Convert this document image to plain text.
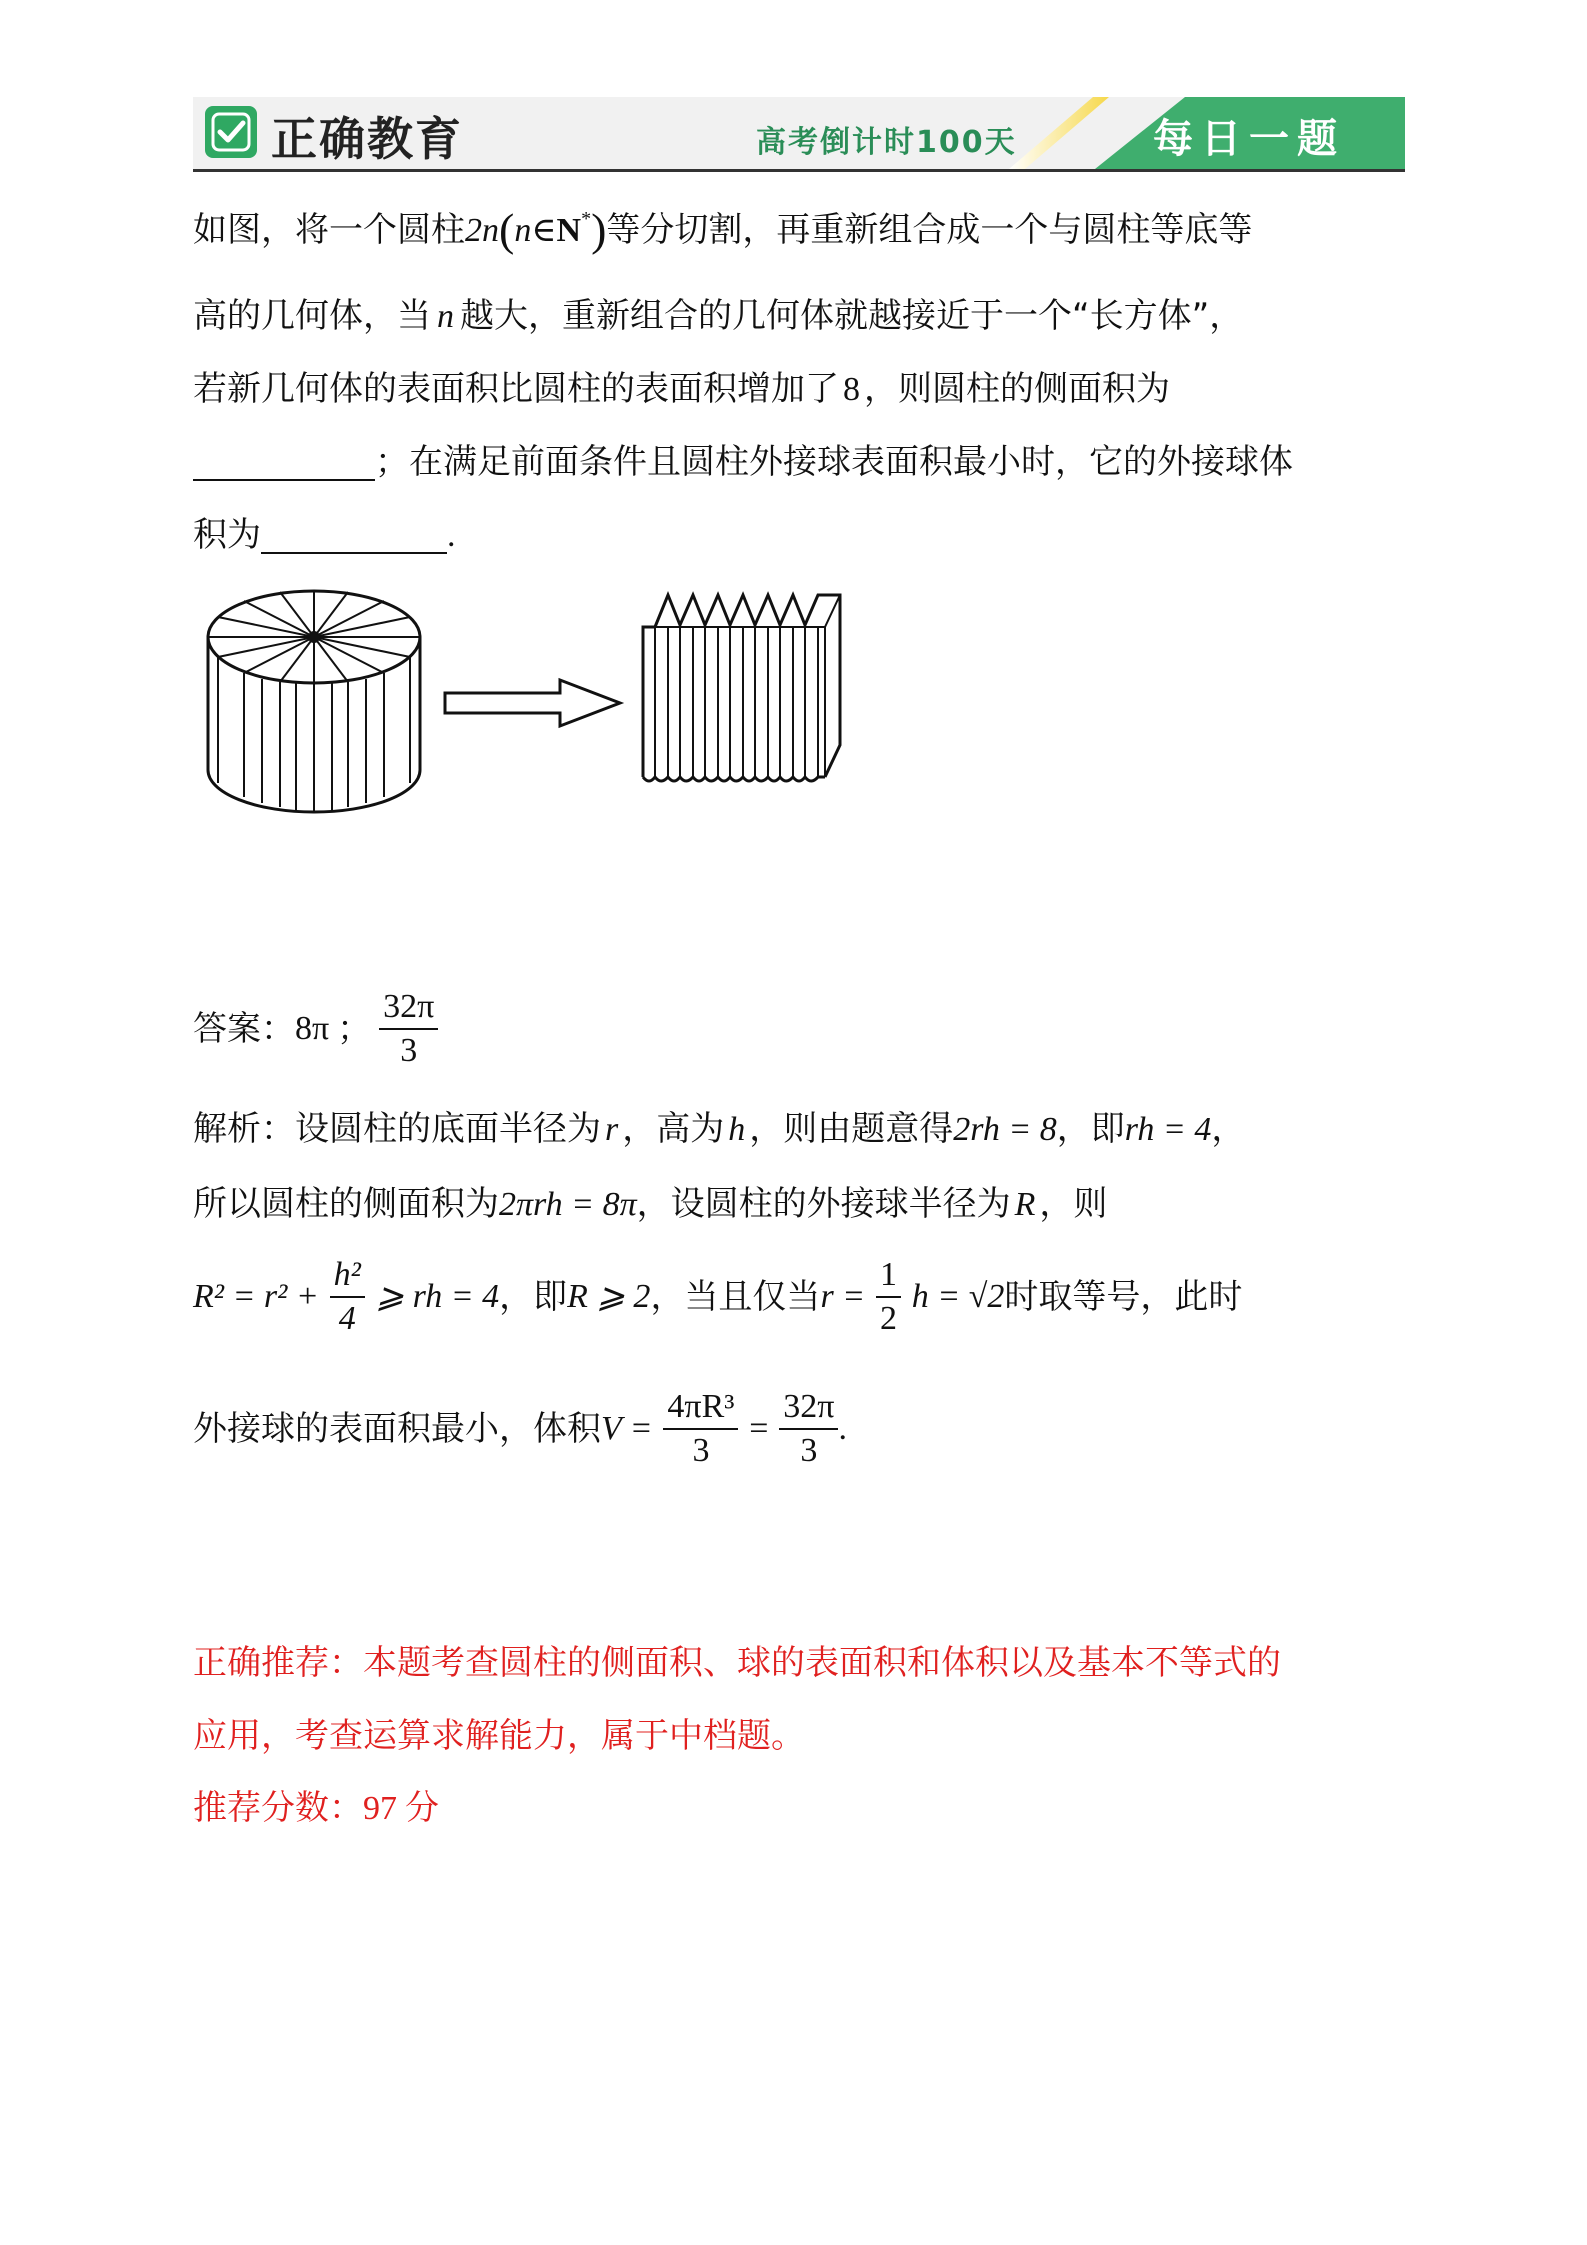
正确教育	高考倒计时100天	每日一题
如图，将一个圆柱2n(n∈N*)等分切割，再重新组合成一个与圆柱等底等
高的几何体，当 n 越大，重新组合的几何体就越接近于一个“长方体”，
若新几何体的表面积比圆柱的表面积增加了 8 ，则圆柱的侧面积为
；在满足前面条件且圆柱外接球表面积最小时，它的外接球体
积为	.
答案：8π ； $\frac{32\pi}{3}$
解析：设圆柱的底面半径为 r ，高为 h ，则由题意得2rh = 8，即rh = 4，
所以圆柱的侧面积为2πrh = 8π，设圆柱的外接球半径为 R ，则
$R^2 = r^2 + \frac{\text{h²}}{4}$ ⩾ rh = 4，即R ⩾ 2，当且仅当$r = \frac{1}{2}$ h = √2时取等号，此时
外接球的表面积最小，体积$V = \frac{\text{4πR³}}{3} = \frac{32\pi}{3}$ .
正确推荐：本题考查圆柱的侧面积、球的表面积和体积以及基本不等式的
应用，考查运算求解能力，属于中档题。
推荐分数：97 分
